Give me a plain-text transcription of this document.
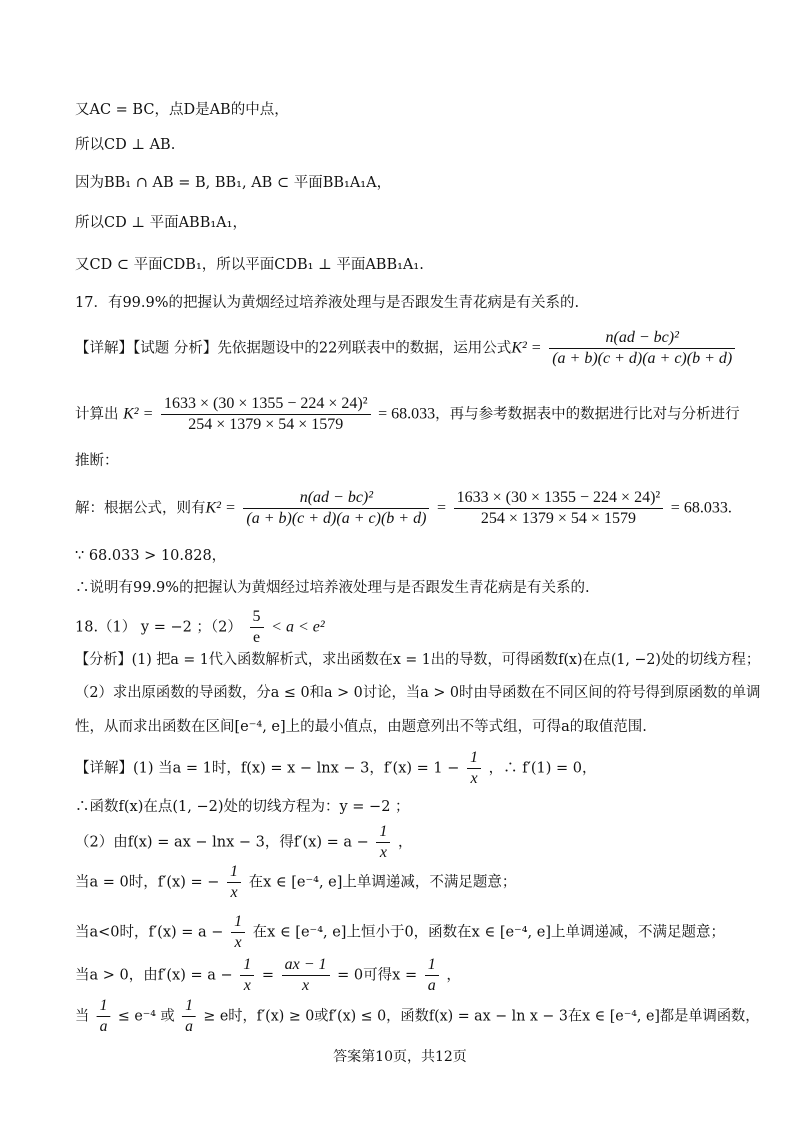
又AC = BC，点D是AB的中点，
所以CD ⊥ AB.
因为BB₁ ∩ AB = B, BB₁, AB ⊂ 平面BB₁A₁A，
所以CD ⊥ 平面ABB₁A₁，
又CD ⊂ 平面CDB₁，所以平面CDB₁ ⊥ 平面ABB₁A₁.
17．有99.9%的把握认为黄烟经过培养液处理与是否跟发生青花病是有关系的.
【详解】【试题 分析】先依据题设中的22列联表中的数据，运用公式$K^2 = \frac{\text{n(ad − bc)²}}{(a + b)(c + d)(a + c)(b + d)}$
计算出 $K^2 = \frac{\text{1633 × (30 × 1355 − 224 × 24)²}}{254 \times 1379 \times 54 \times 1579} = 68.033$，再与参考数据表中的数据进行比对与分析进行
推断：
解：根据公式，则有$K^2 = \frac{\text{n(ad − bc)²}}{(a + b)(c + d)(a + c)(b + d)} = \frac{\text{1633 × (30 × 1355 − 224 × 24)²}}{254 \times 1379 \times 54 \times 1579} = 68.033$.
∵ 68.033 > 10.828，
∴说明有99.9%的把握认为黄烟经过培养液处理与是否跟发生青花病是有关系的.
18.（1） y = −2 ；$(2) \frac{5}{e} < a < e^2$
【分析】(1) 把a = 1代入函数解析式，求出函数在x = 1出的导数，可得函数f(x)在点(1, −2)处的切线方程；
（2）求出原函数的导函数，分a ≤ 0和a > 0讨论，当a > 0时由导函数在不同区间的符号得到原函数的单调
性，从而求出函数在区间[e⁻⁴, e]上的最小值点，由题意列出不等式组，可得a的取值范围.
【详解】(1) 当a = 1时，f(x) = x − lnx − 3，$f'(x) = 1 - \frac{1}{x}$ ，∴ f′(1) = 0，
∴函数f(x)在点(1, −2)处的切线方程为：y = −2 ；
（2）由f(x) = ax − lnx − 3，得$f'(x) = a - \frac{1}{x}$ ，
当a = 0时，f′(x) = − $\frac{1}{x}$ 在x ∈ [e⁻⁴, e]上单调递减，不满足题意；
当a<0时，$f'(x) = a - \frac{1}{x}$ 在x ∈ [e⁻⁴, e]上恒小于0，函数在x ∈ [e⁻⁴, e]上单调递减，不满足题意；
当a > 0，由$f'(x) = a - \frac{1}{x} = \frac{ax - 1}{x} = 0$可得$x = \frac{1}{a}$ ，
当 $\frac{1}{a} \le e^{-4}$ 或 $\frac{1}{a} \ge e$时，f′(x) ≥ 0或f′(x) ≤ 0，函数f(x) = ax − ln x − 3在x ∈ [e⁻⁴, e]都是单调函数，
答案第10页，共12页
